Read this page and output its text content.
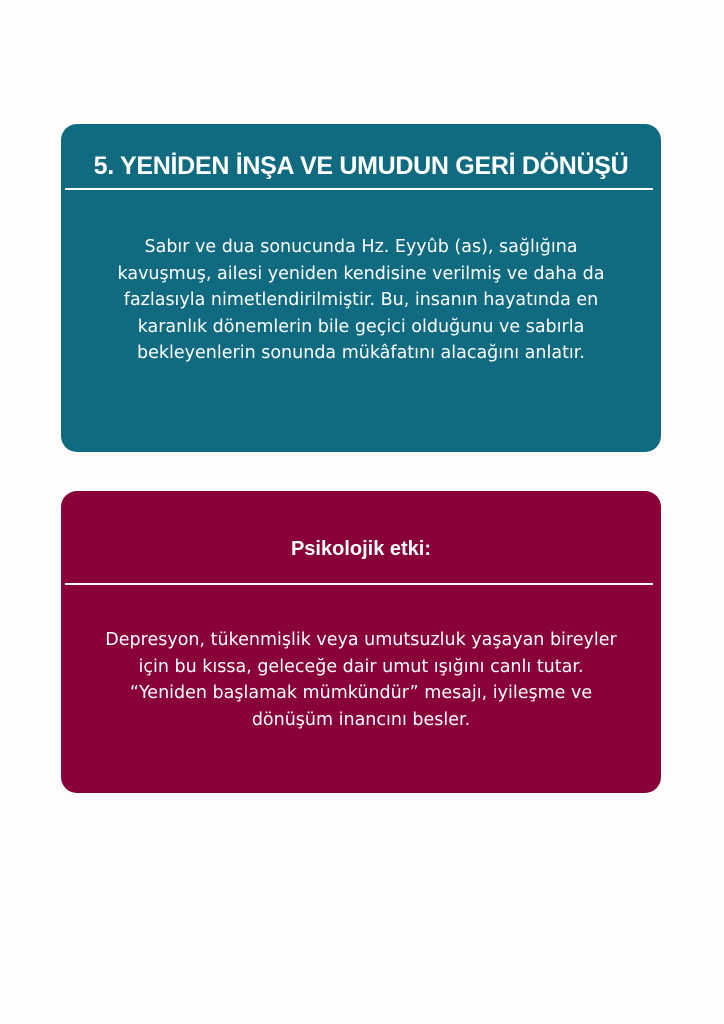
5. YENİDEN İNŞA VE UMUDUN GERİ DÖNÜŞÜ

Sabır ve dua sonucunda Hz. Eyyûb (as), sağlığına kavuşmuş, ailesi yeniden kendisine verilmiş ve daha da fazlasıyla nimetlendirilmiştir. Bu, insanın hayatında en karanlık dönemlerin bile geçici olduğunu ve sabırla bekleyenlerin sonunda mükâfatını alacağını anlatır.

Psikolojik etki:

Depresyon, tükenmişlik veya umutsuzluk yaşayan bireyler için bu kıssa, geleceğe dair umut ışığını canlı tutar. “Yeniden başlamak mümkündür” mesajı, iyileşme ve dönüşüm inancını besler.
